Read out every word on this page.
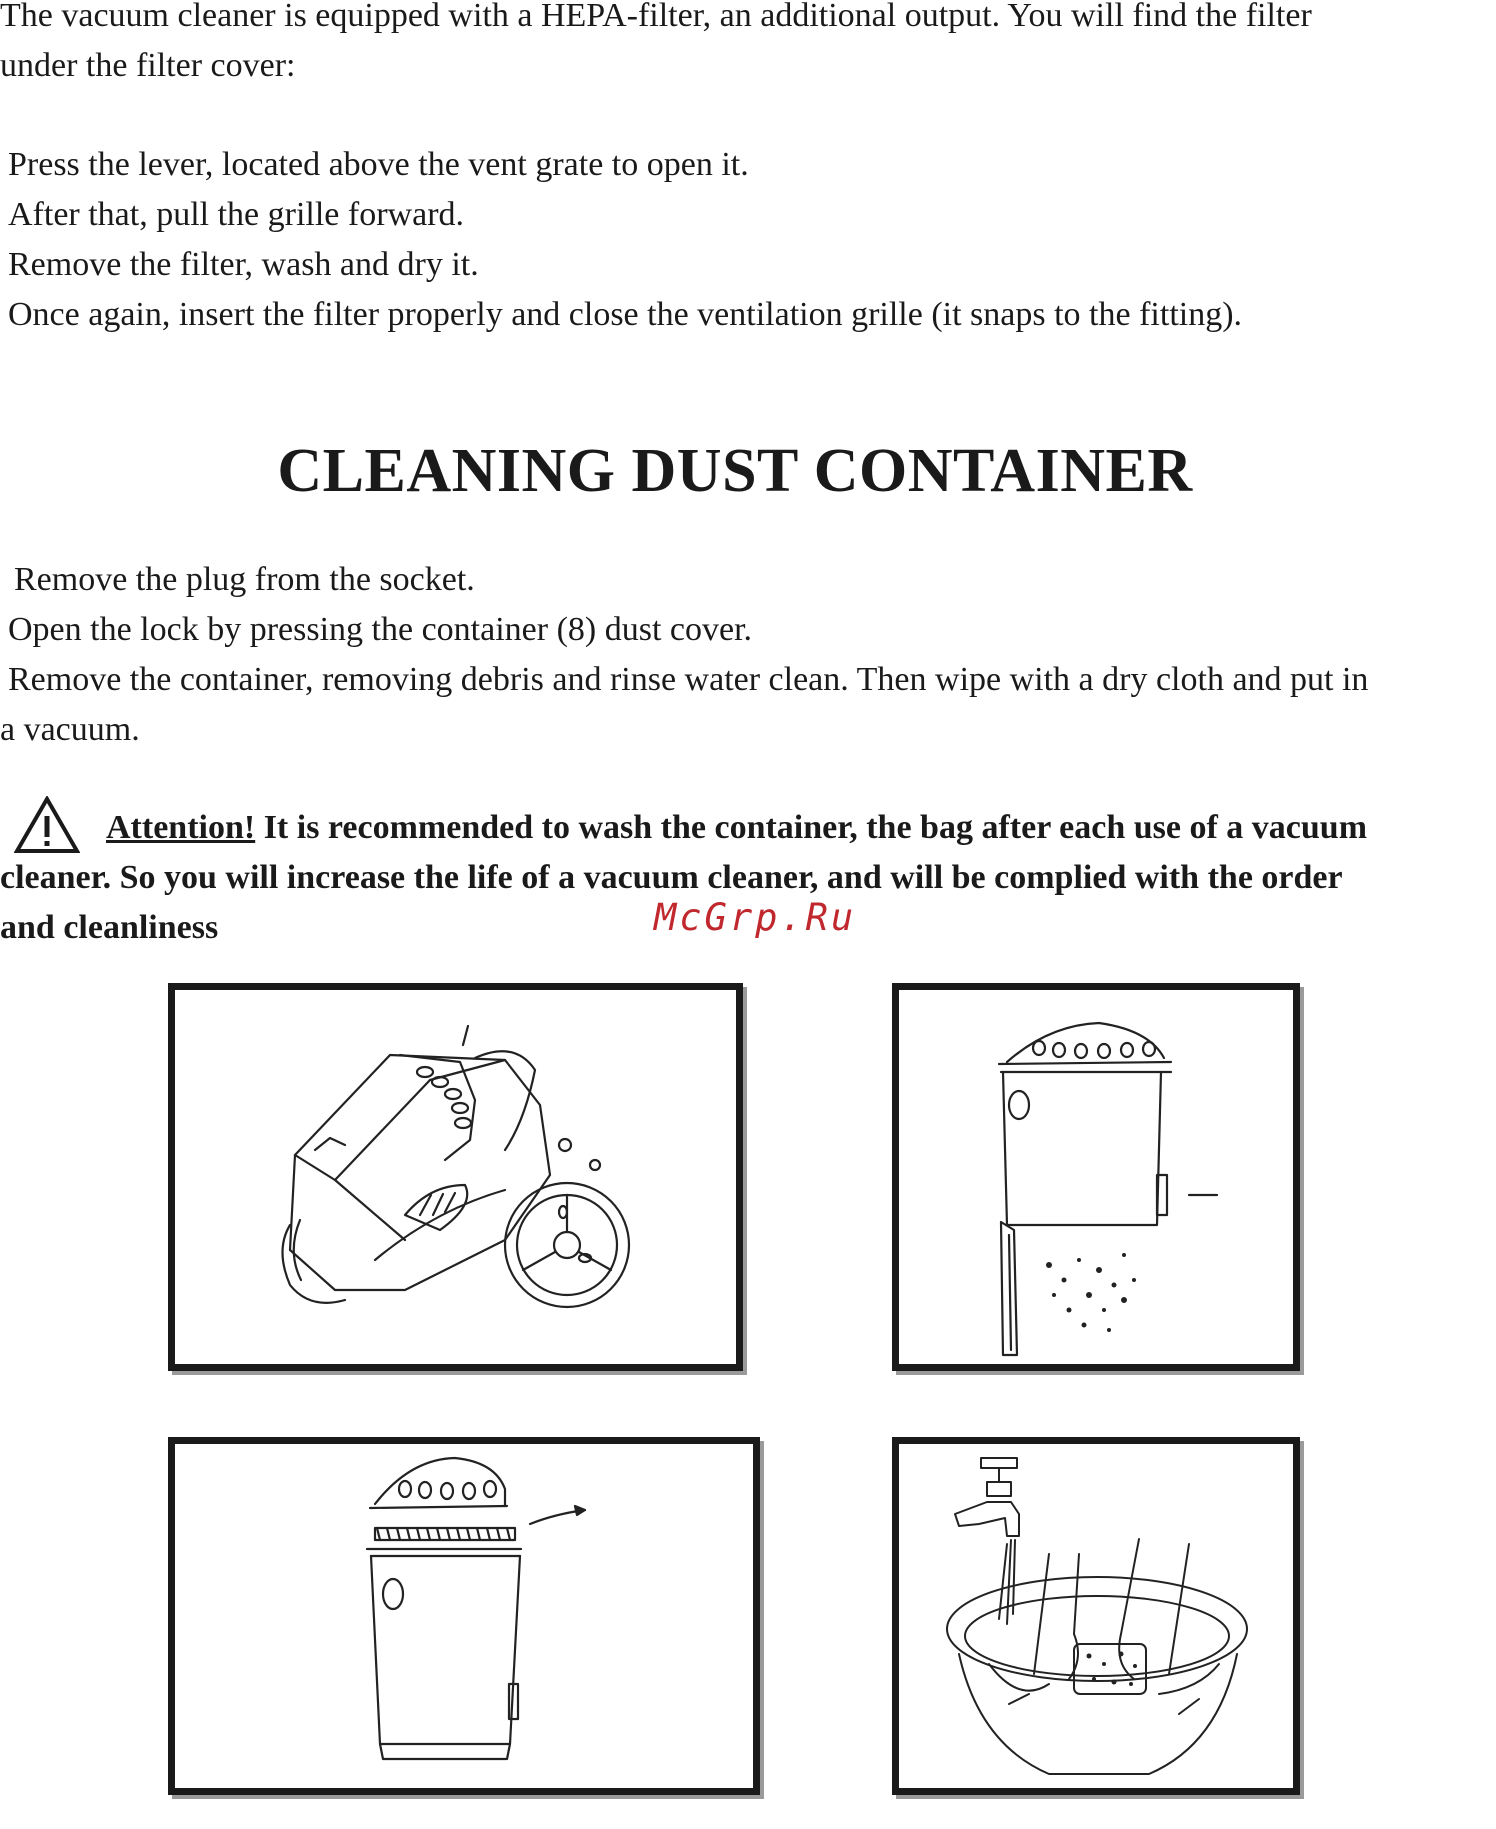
The vacuum cleaner is equipped with a HEPA-filter, an additional output. You will find the filter
under the filter cover:
Press the lever, located above the vent grate to open it.
After that, pull the grille forward.
Remove the filter, wash and dry it.
Once again, insert the filter properly and close the ventilation grille (it snaps to the fitting).
CLEANING DUST CONTAINER
Remove the plug from the socket.
Open the lock by pressing the container (8) dust cover.
Remove the container, removing debris and rinse water clean. Then wipe with a dry cloth and put in
a vacuum.
Attention! It is recommended to wash the container, the bag after each use of a vacuum
cleaner. So you will increase the life of a vacuum cleaner, and will be complied with the order
and cleanliness	McGrp.Ru
